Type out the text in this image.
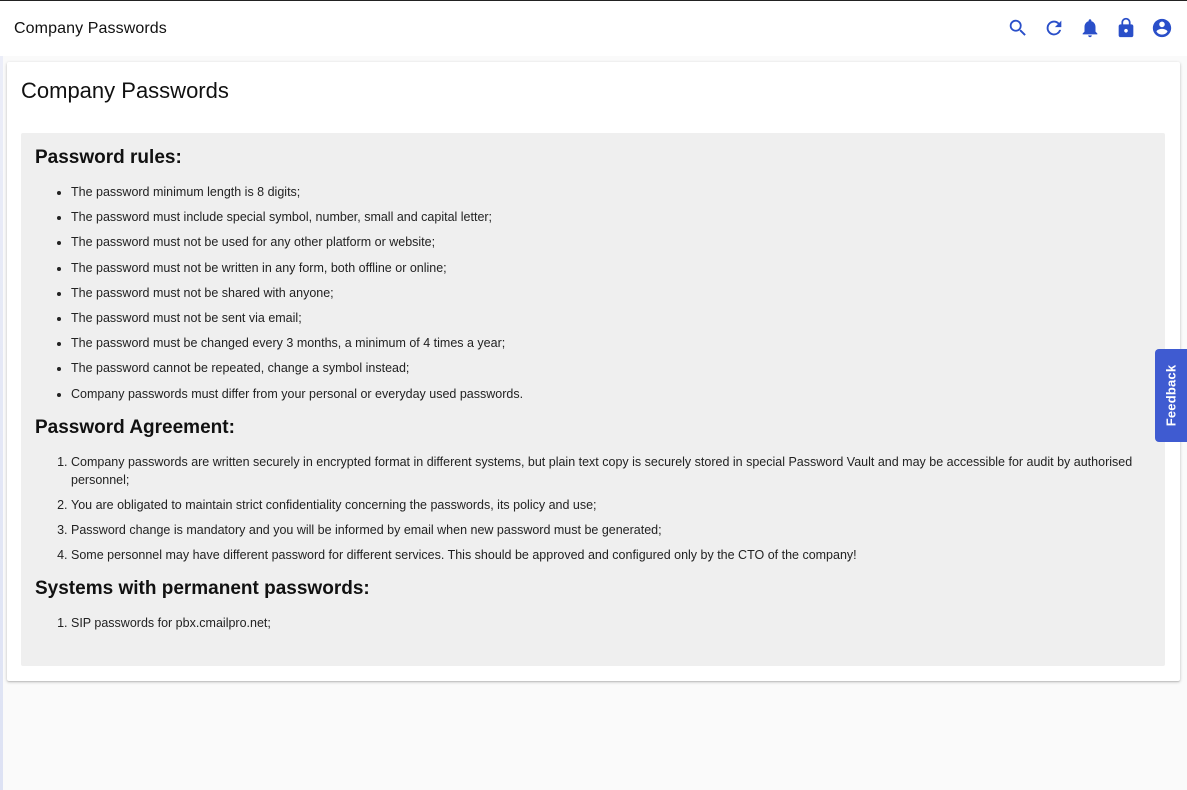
Company Passwords
Company Passwords
Password rules:
• The password minimum length is 8 digits;
• The password must include special symbol, number, small and capital letter;
• The password must not be used for any other platform or website;
• The password must not be written in any form, both offline or online;
• The password must not be shared with anyone;
• The password must not be sent via email;
• The password must be changed every 3 months, a minimum of 4 times a year;
• The password cannot be repeated, change a symbol instead;
• Company passwords must differ from your personal or everyday used passwords.
Password Agreement:
1. Company passwords are written securely in encrypted format in different systems, but plain text copy is securely stored in special Password Vault and may be accessible for audit by authorised personnel;
2. You are obligated to maintain strict confidentiality concerning the passwords, its policy and use;
3. Password change is mandatory and you will be informed by email when new password must be generated;
4. Some personnel may have different password for different services. This should be approved and configured only by the CTO of the company!
Systems with permanent passwords:
1. SIP passwords for pbx.cmailpro.net;
Feedback
